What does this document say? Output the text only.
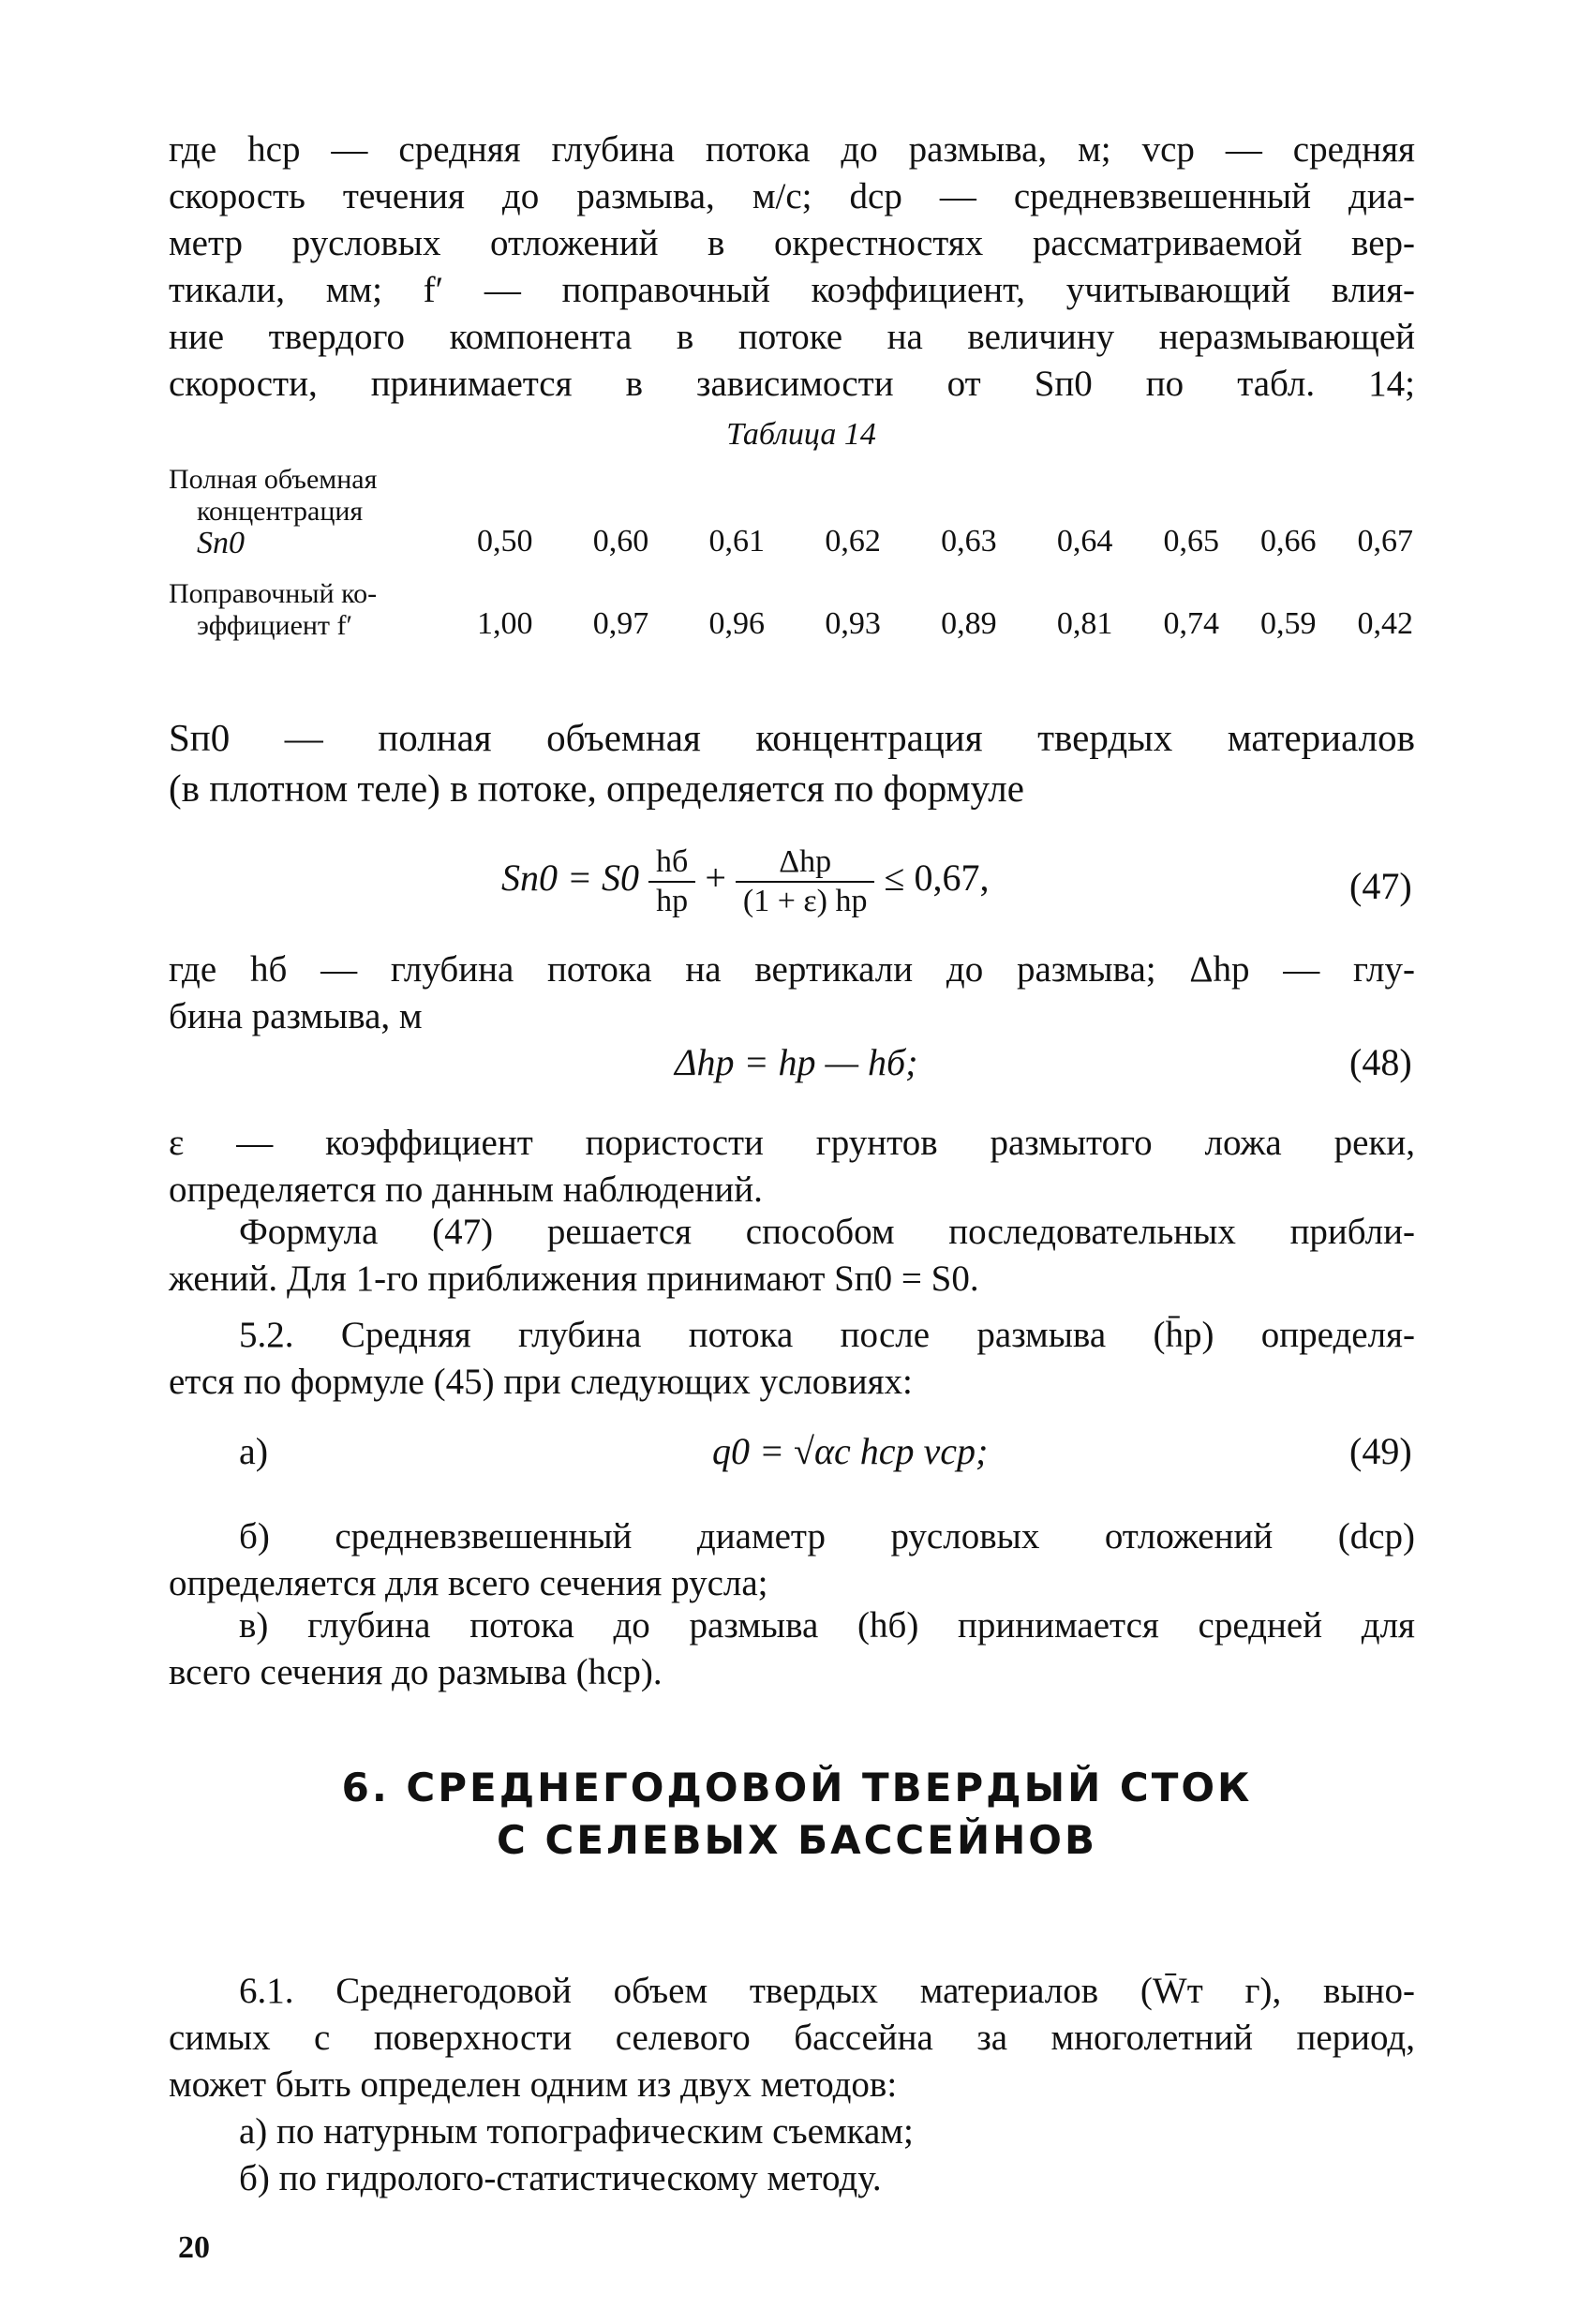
где hср — средняя глубина потока до размыва, м; vср — средняя
скорость течения до размыва, м/с; dср — средневзвешенный диа-
метр русловых отложений в окрестностях рассматриваемой вер-
тикали, мм; f′ — поправочный коэффициент, учитывающий влия-
ние твердого компонента в потоке на величину неразмывающей
скорости, принимается в зависимости от Sп0 по табл. 14;
Таблица 14
Полная объемная
концентрация
Sп0	0,50	0,60	0,61	0,62	0,63	0,64	0,65	0,66	0,67

Поправочный ко-
эффициент f′	1,00	0,97	0,96	0,93	0,89	0,81	0,74	0,59	0,42
Sп0 — полная объемная концентрация твердых материалов
(в плотном теле) в потоке, определяется по формуле
$Sп0 = S0 \frac{hб}{hр} + \frac{\text{Δhр}}{(1 + \varepsilon) hр} \le 0,67$,	(47)
где hб — глубина потока на вертикали до размыва; Δhр — глу-
бина размыва, м
Δhр = hр — hб;	(48)
ε — коэффициент пористости грунтов размытого ложа реки,
определяется по данным наблюдений.
Формула (47) решается способом последовательных прибли-
жений. Для 1-го приближения принимают Sп0 = S0.
5.2. Средняя глубина потока после размыва (h̄р) определя-
ется по формуле (45) при следующих условиях:
а)	q0 = √αc hср vср;	(49)
б) средневзвешенный диаметр русловых отложений (dср)
определяется для всего сечения русла;
в) глубина потока до размыва (hб) принимается средней для
всего сечения до размыва (hср).
6. СРЕДНЕГОДОВОЙ ТВЕРДЫЙ СТОК
С СЕЛЕВЫХ БАССЕЙНОВ
6.1. Среднегодовой объем твердых материалов (W̄т г), выно-
симых с поверхности селевого бассейна за многолетний период,
может быть определен одним из двух методов:
а) по натурным топографическим съемкам;
б) по гидролого-статистическому методу.
20
